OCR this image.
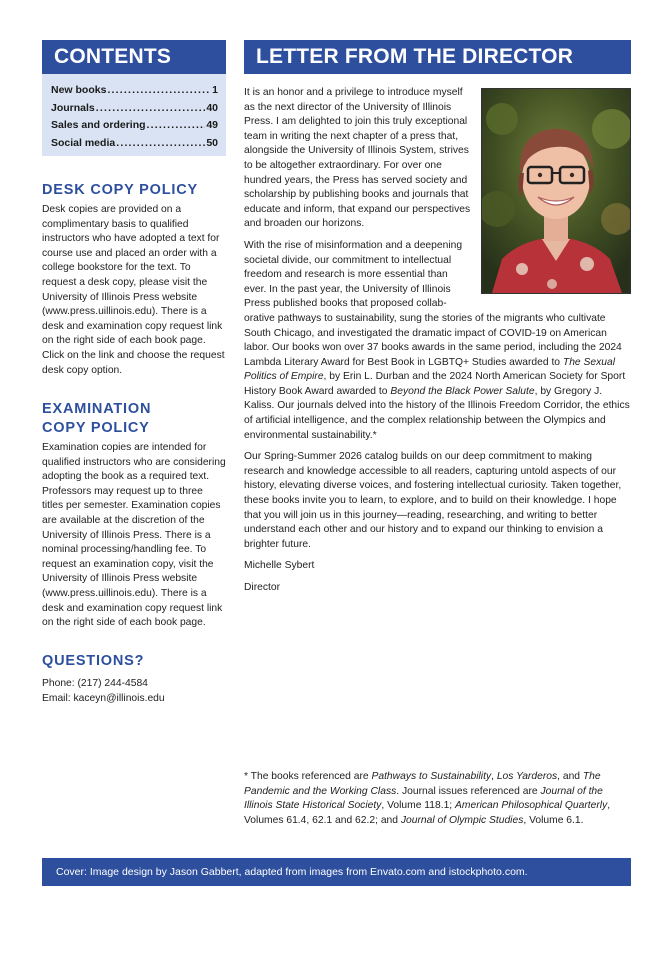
CONTENTS
New books .....	1
Journals .....	40
Sales and ordering .....	49
Social media .....	50
DESK COPY POLICY

Desk copies are provided on a complimentary basis to qualified instructors who have adopted a text for course use and placed an order with a college bookstore for the text. To request a desk copy, please visit the University of Illinois Press website (www.press.uillinois.edu). There is a desk and examination copy request link on the right side of each book page. Click on the link and choose the request desk copy option.

EXAMINATION
COPY POLICY

Examination copies are intended for qualified instructors who are considering adopting the book as a required text. Professors may request up to three titles per semester. Examination copies are available at the discretion of the University of Illinois Press. There is a nominal processing/handling fee. To request an examination copy, visit the University of Illinois Press website (www.press.uillinois.edu). There is a desk and examination copy request link on the right side of each book page.

QUESTIONS?

Phone: (217) 244-4584
Email: kaceyn@illinois.edu

LETTER FROM THE DIRECTOR

It is an honor and a privilege to introduce myself as the next director of the University of Illinois Press. I am delighted to join this truly exceptional team in writing the next chapter of a press that, alongside the University of Illinois System, strives to be altogether extraordinary. For over one hundred years, the Press has served society and scholarship by publishing books and journals that educate and inform, that expand our perspectives and broaden our horizons.

With the rise of misinformation and a deepening societal divide, our commitment to intellectual freedom and research is more essential than ever. In the past year, the University of Illinois Press published books that proposed collab-
orative pathways to sustainability, sung the stories of the migrants who cultivate South Chicago, and investigated the dramatic impact of COVID-19 on American labor. Our books won over 37 books awards in the same period, including the 2024 Lambda Literary Award for Best Book in LGBTQ+ Studies awarded to The Sexual Politics of Empire, by Erin L. Durban and the 2024 North American Society for Sport History Book Award awarded to Beyond the Black Power Salute, by Gregory J. Kaliss. Our journals delved into the history of the Illinois Freedom Corridor, the ethics of artificial intelligence, and the complex relationship between the Olympics and environmental sustainability.*

Our Spring-Summer 2026 catalog builds on our deep commitment to making research and knowledge accessible to all readers, capturing untold aspects of our history, elevating diverse voices, and fostering intellectual curiosity. Taken together, these books invite you to learn, to explore, and to build on their knowledge. I hope that you will join us in this journey—reading, researching, and writing to better understand each other and our history and to expand our thinking to envision a brighter future.

Michelle Sybert

Director

* The books referenced are Pathways to Sustainability, Los Yarderos, and The Pandemic and the Working Class. Journal issues referenced are Journal of the Illinois State Historical Society, Volume 118.1; American Philosophical Quarterly, Volumes 61.4, 62.1 and 62.2; and Journal of Olympic Studies, Volume 6.1.
Cover: Image design by Jason Gabbert, adapted from images from Envato.com and istockphoto.com.
